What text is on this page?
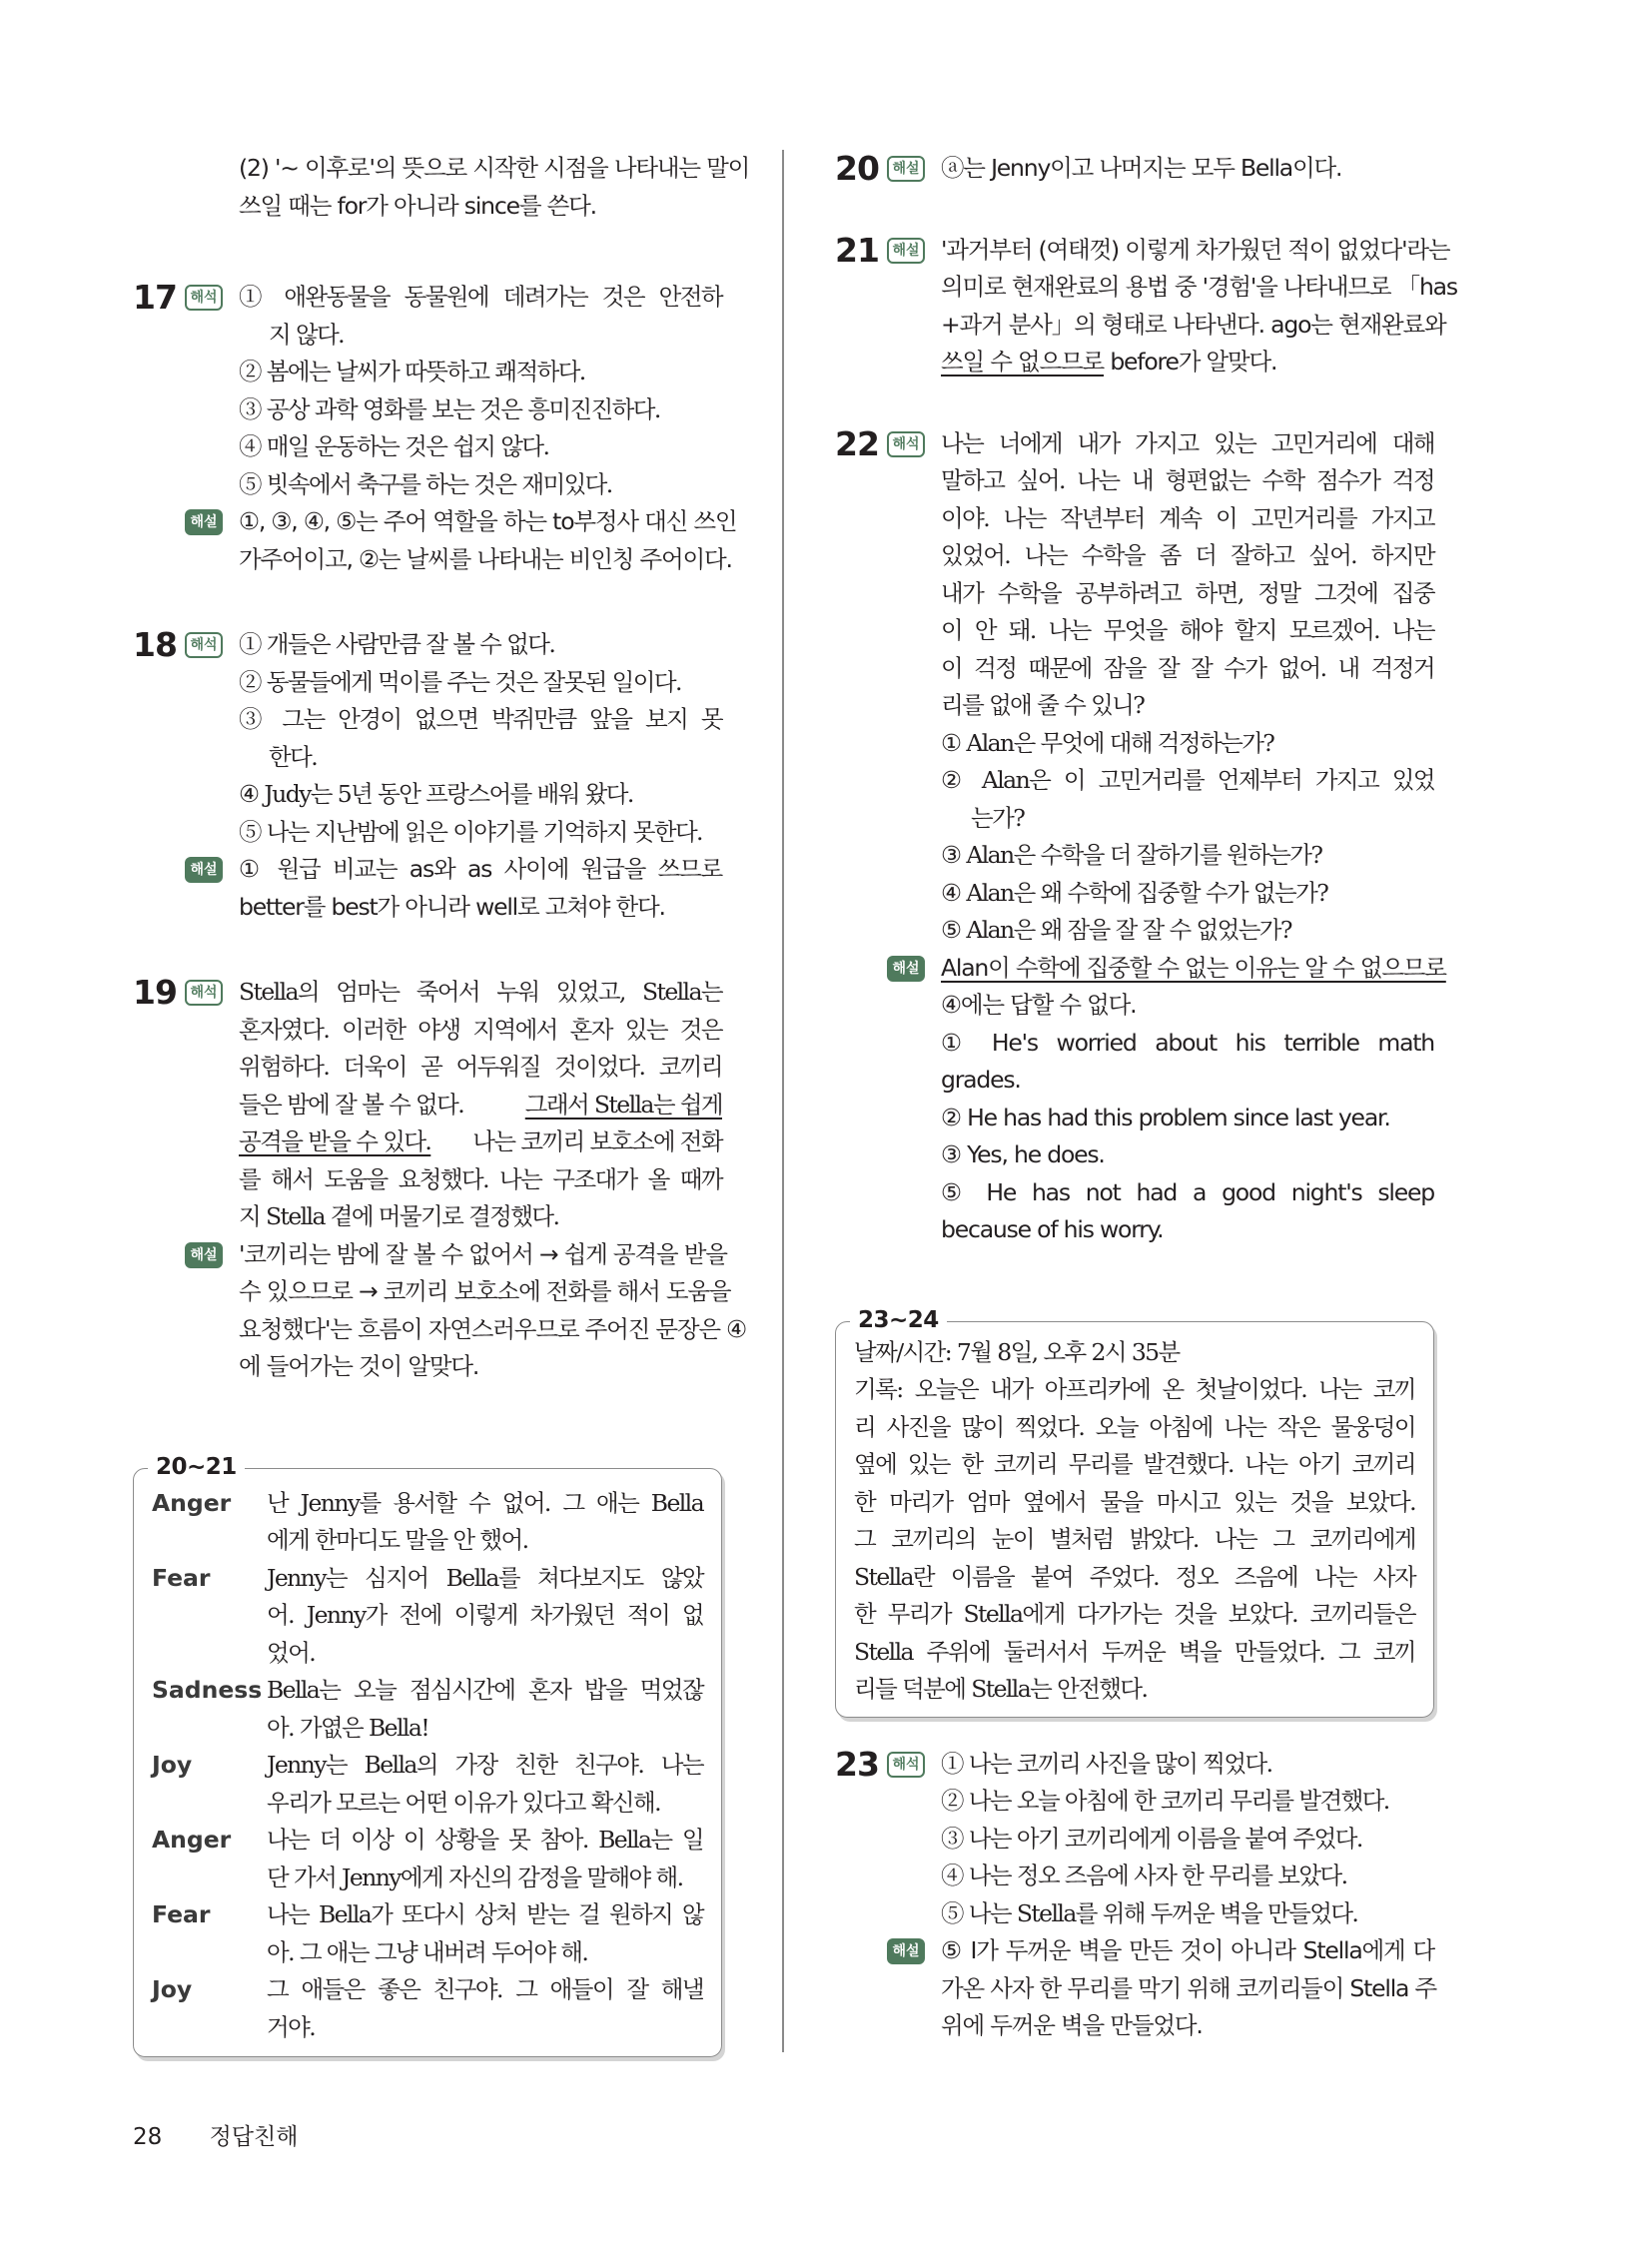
(2) '~ 이후로'의 뜻으로 시작한 시점을 나타내는 말이
쓰일 때는 for가 아니라 since를 쓴다.
17 해석 ① 애완동물을 동물원에 데려가는 것은 안전하
지 않다.
② 봄에는 날씨가 따뜻하고 쾌적하다.
③ 공상 과학 영화를 보는 것은 흥미진진하다.
④ 매일 운동하는 것은 쉽지 않다.
⑤ 빗속에서 축구를 하는 것은 재미있다.
해설 ①, ③, ④, ⑤는 주어 역할을 하는 to부정사 대신 쓰인
가주어이고, ②는 날씨를 나타내는 비인칭 주어이다.
18 해석 ① 개들은 사람만큼 잘 볼 수 없다.
② 동물들에게 먹이를 주는 것은 잘못된 일이다.
③ 그는 안경이 없으면 박쥐만큼 앞을 보지 못
한다.
④ Judy는 5년 동안 프랑스어를 배워 왔다.
⑤ 나는 지난밤에 읽은 이야기를 기억하지 못한다.
해설 ① 원급 비교는 as와 as 사이에 원급을 쓰므로
better를 best가 아니라 well로 고쳐야 한다.
19 해석 Stella의 엄마는 죽어서 누워 있었고, Stella는
혼자였다. 이러한 야생 지역에서 혼자 있는 것은
위험하다. 더욱이 곧 어두워질 것이었다. 코끼리
들은 밤에 잘 볼 수 없다.	그래서 Stella는 쉽게
공격을 받을 수 있다. 나는 코끼리 보호소에 전화
를 해서 도움을 요청했다. 나는 구조대가 올 때까
지 Stella 곁에 머물기로 결정했다.
해설 '코끼리는 밤에 잘 볼 수 없어서 → 쉽게 공격을 받을
수 있으므로 → 코끼리 보호소에 전화를 해서 도움을
요청했다'는 흐름이 자연스러우므로 주어진 문장은 ④
에 들어가는 것이 알맞다.
20~21
Anger	난 Jenny를 용서할 수 없어. 그 애는 Bella
에게 한마디도 말을 안 했어.
Fear	Jenny는 심지어 Bella를 쳐다보지도 않았
어. Jenny가 전에 이렇게 차가웠던 적이 없
었어.
Sadness Bella는 오늘 점심시간에 혼자 밥을 먹었잖
아. 가엾은 Bella!
Joy	Jenny는 Bella의 가장 친한 친구야. 나는
우리가 모르는 어떤 이유가 있다고 확신해.
Anger	나는 더 이상 이 상황을 못 참아. Bella는 일
단 가서 Jenny에게 자신의 감정을 말해야 해.
Fear	나는 Bella가 또다시 상처 받는 걸 원하지 않
아. 그 애는 그냥 내버려 두어야 해.
Joy	그 애들은 좋은 친구야. 그 애들이 잘 해낼
거야.
20 해설 ⓐ는 Jenny이고 나머지는 모두 Bella이다.
21 해설 '과거부터 (여태껏) 이렇게 차가웠던 적이 없었다'라는
의미로 현재완료의 용법 중 '경험'을 나타내므로 「has
+과거 분사」의 형태로 나타낸다. ago는 현재완료와
쓰일 수 없으므로 before가 알맞다.
22 해석 나는 너에게 내가 가지고 있는 고민거리에 대해
말하고 싶어. 나는 내 형편없는 수학 점수가 걱정
이야. 나는 작년부터 계속 이 고민거리를 가지고
있었어. 나는 수학을 좀 더 잘하고 싶어. 하지만
내가 수학을 공부하려고 하면, 정말 그것에 집중
이 안 돼. 나는 무엇을 해야 할지 모르겠어. 나는
이 걱정 때문에 잠을 잘 잘 수가 없어. 내 걱정거
리를 없애 줄 수 있니?
① Alan은 무엇에 대해 걱정하는가?
② Alan은 이 고민거리를 언제부터 가지고 있었
는가?
③ Alan은 수학을 더 잘하기를 원하는가?
④ Alan은 왜 수학에 집중할 수가 없는가?
⑤ Alan은 왜 잠을 잘 잘 수 없었는가?
해설 Alan이 수학에 집중할 수 없는 이유는 알 수 없으므로
④에는 답할 수 없다.
① He's worried about his terrible math
grades.
② He has had this problem since last year.
③ Yes, he does.
⑤ He has not had a good night's sleep
because of his worry.
23~24
날짜/시간: 7월 8일, 오후 2시 35분
기록: 오늘은 내가 아프리카에 온 첫날이었다. 나는 코끼
리 사진을 많이 찍었다. 오늘 아침에 나는 작은 물웅덩이
옆에 있는 한 코끼리 무리를 발견했다. 나는 아기 코끼리
한 마리가 엄마 옆에서 물을 마시고 있는 것을 보았다.
그 코끼리의 눈이 별처럼 밝았다. 나는 그 코끼리에게
Stella란 이름을 붙여 주었다. 정오 즈음에 나는 사자
한 무리가 Stella에게 다가가는 것을 보았다. 코끼리들은
Stella 주위에 둘러서서 두꺼운 벽을 만들었다. 그 코끼
리들 덕분에 Stella는 안전했다.
23 해석 ① 나는 코끼리 사진을 많이 찍었다.
② 나는 오늘 아침에 한 코끼리 무리를 발견했다.
③ 나는 아기 코끼리에게 이름을 붙여 주었다.
④ 나는 정오 즈음에 사자 한 무리를 보았다.
⑤ 나는 Stella를 위해 두꺼운 벽을 만들었다.
해설 ⑤ I가 두꺼운 벽을 만든 것이 아니라 Stella에게 다
가온 사자 한 무리를 막기 위해 코끼리들이 Stella 주
위에 두꺼운 벽을 만들었다.
28 정답친해
